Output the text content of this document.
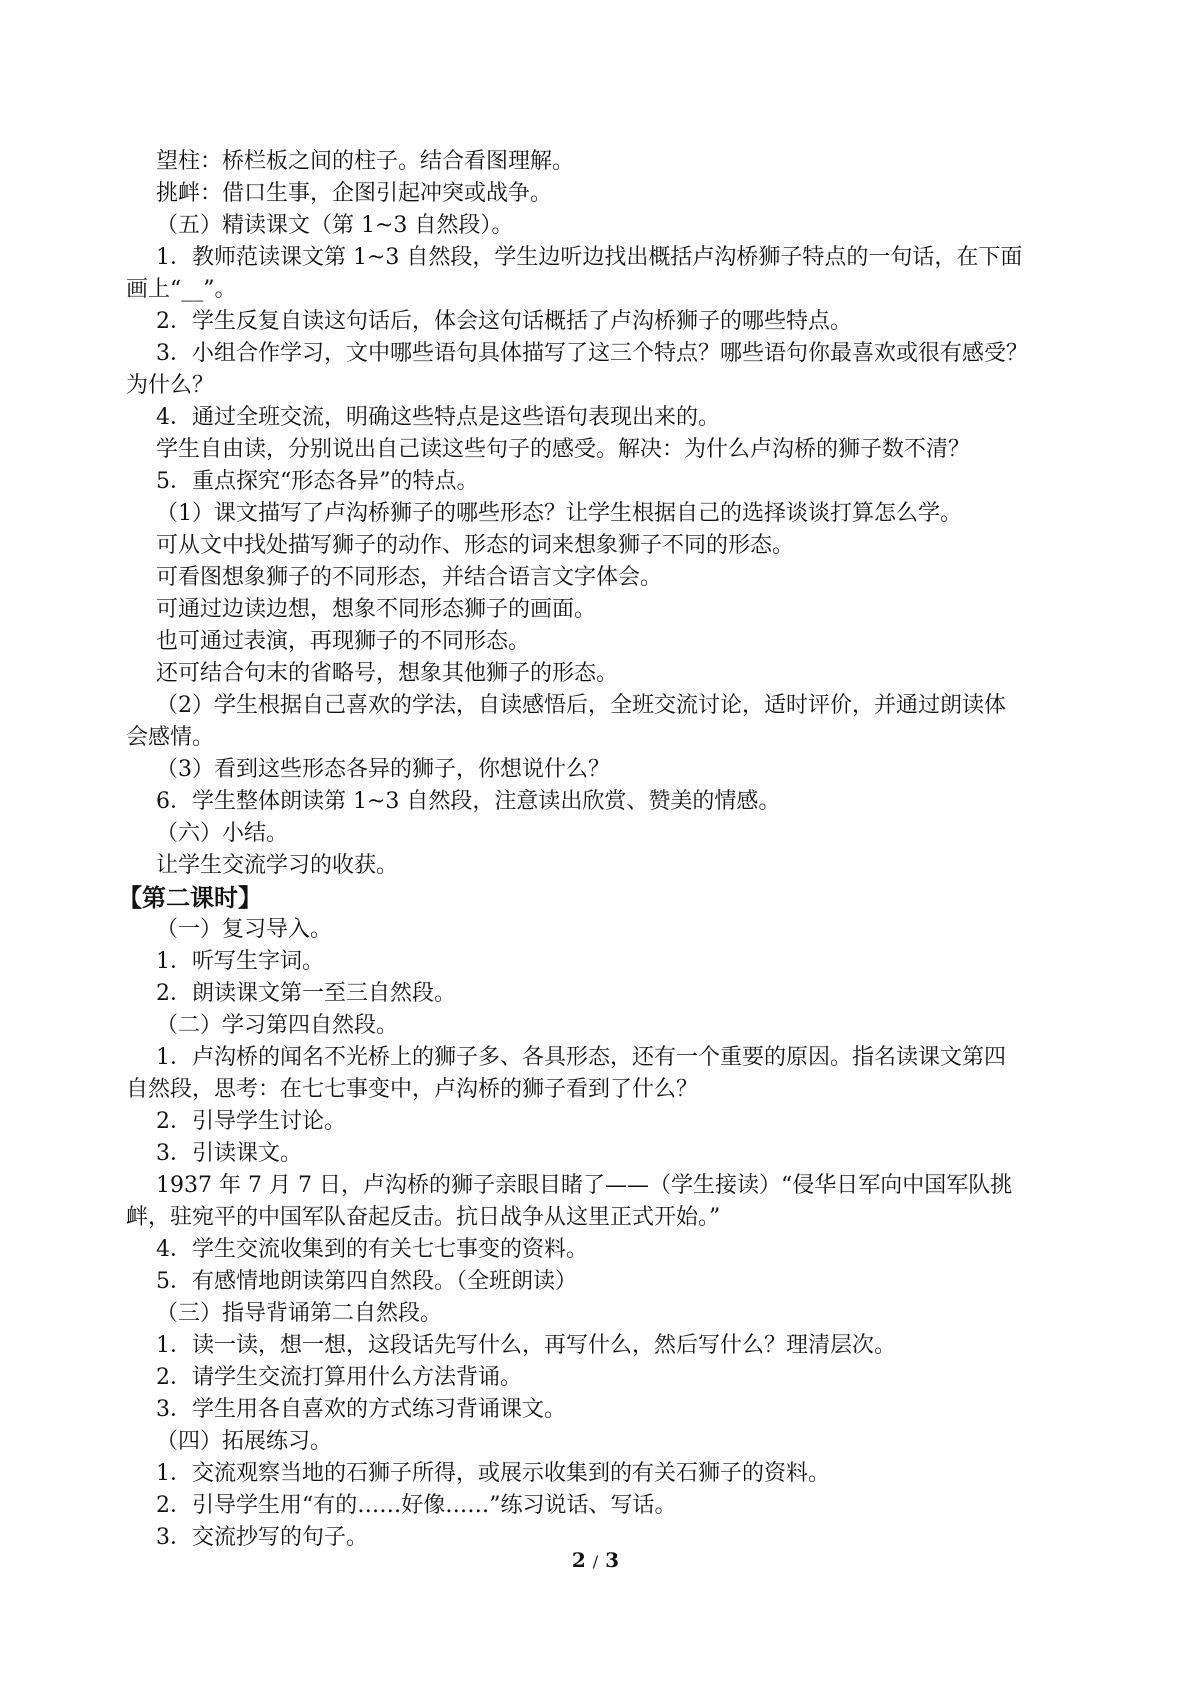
望柱：桥栏板之间的柱子。结合看图理解。
挑衅：借口生事，企图引起冲突或战争。
（五）精读课文（第 1~3 自然段）。
1．教师范读课文第 1~3 自然段，学生边听边找出概括卢沟桥狮子特点的一句话，在下面
画上“__”。
2．学生反复自读这句话后，体会这句话概括了卢沟桥狮子的哪些特点。
3．小组合作学习，文中哪些语句具体描写了这三个特点？哪些语句你最喜欢或很有感受？
为什么？
4．通过全班交流，明确这些特点是这些语句表现出来的。
学生自由读，分别说出自己读这些句子的感受。解决：为什么卢沟桥的狮子数不清？
5．重点探究“形态各异”的特点。
（1）课文描写了卢沟桥狮子的哪些形态？让学生根据自己的选择谈谈打算怎么学。
可从文中找处描写狮子的动作、形态的词来想象狮子不同的形态。
可看图想象狮子的不同形态，并结合语言文字体会。
可通过边读边想，想象不同形态狮子的画面。
也可通过表演，再现狮子的不同形态。
还可结合句末的省略号，想象其他狮子的形态。
（2）学生根据自己喜欢的学法，自读感悟后，全班交流讨论，适时评价，并通过朗读体
会感情。
（3）看到这些形态各异的狮子，你想说什么？
6．学生整体朗读第 1~3 自然段，注意读出欣赏、赞美的情感。
（六）小结。
让学生交流学习的收获。
【第二课时】
（一）复习导入。
1．听写生字词。
2．朗读课文第一至三自然段。
（二）学习第四自然段。
1．卢沟桥的闻名不光桥上的狮子多、各具形态，还有一个重要的原因。指名读课文第四
自然段，思考：在七七事变中，卢沟桥的狮子看到了什么？
2．引导学生讨论。
3．引读课文。
1937 年 7 月 7 日，卢沟桥的狮子亲眼目睹了——（学生接读）“侵华日军向中国军队挑
衅，驻宛平的中国军队奋起反击。抗日战争从这里正式开始。”
4．学生交流收集到的有关七七事变的资料。
5．有感情地朗读第四自然段。（全班朗读）
（三）指导背诵第二自然段。
1．读一读，想一想，这段话先写什么，再写什么，然后写什么？理清层次。
2．请学生交流打算用什么方法背诵。
3．学生用各自喜欢的方式练习背诵课文。
（四）拓展练习。
1．交流观察当地的石狮子所得，或展示收集到的有关石狮子的资料。
2．引导学生用“有的……好像……”练习说话、写话。
3．交流抄写的句子。
2 / 3
